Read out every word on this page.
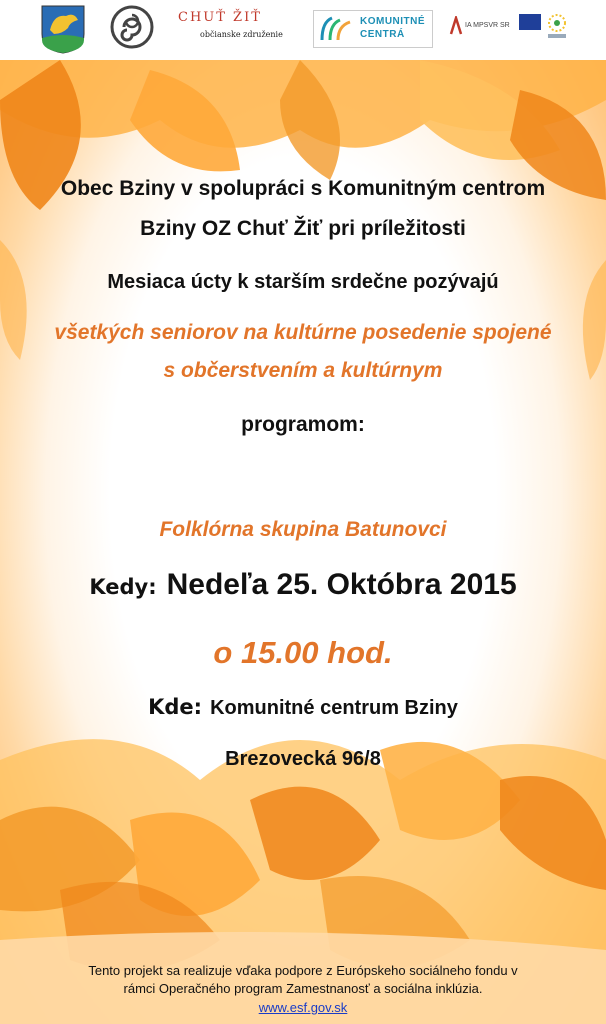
CHUŤ ŽIŤ
občianske združenie
KOMUNITNÉ CENTRÁ
IA MPSVR SR
Obec Bziny v spolupráci s Komunitným centrom
Bziny OZ Chuť Žiť pri príležitosti
Mesiaca úcty k starším srdečne pozývajú
všetkých seniorov na kultúrne posedenie spojené
s občerstvením a kultúrnym
programom:
Folklórna skupina Batunovci
Kedy: Nedeľa 25. Októbra 2015
o 15.00 hod.
Kde: Komunitné centrum Bziny
Brezovecká 96/8
Tento projekt sa realizuje vďaka podpore z Európskeho sociálneho fondu v
rámci Operačného program Zamestnanosť a sociálna inklúzia.
www.esf.gov.sk
